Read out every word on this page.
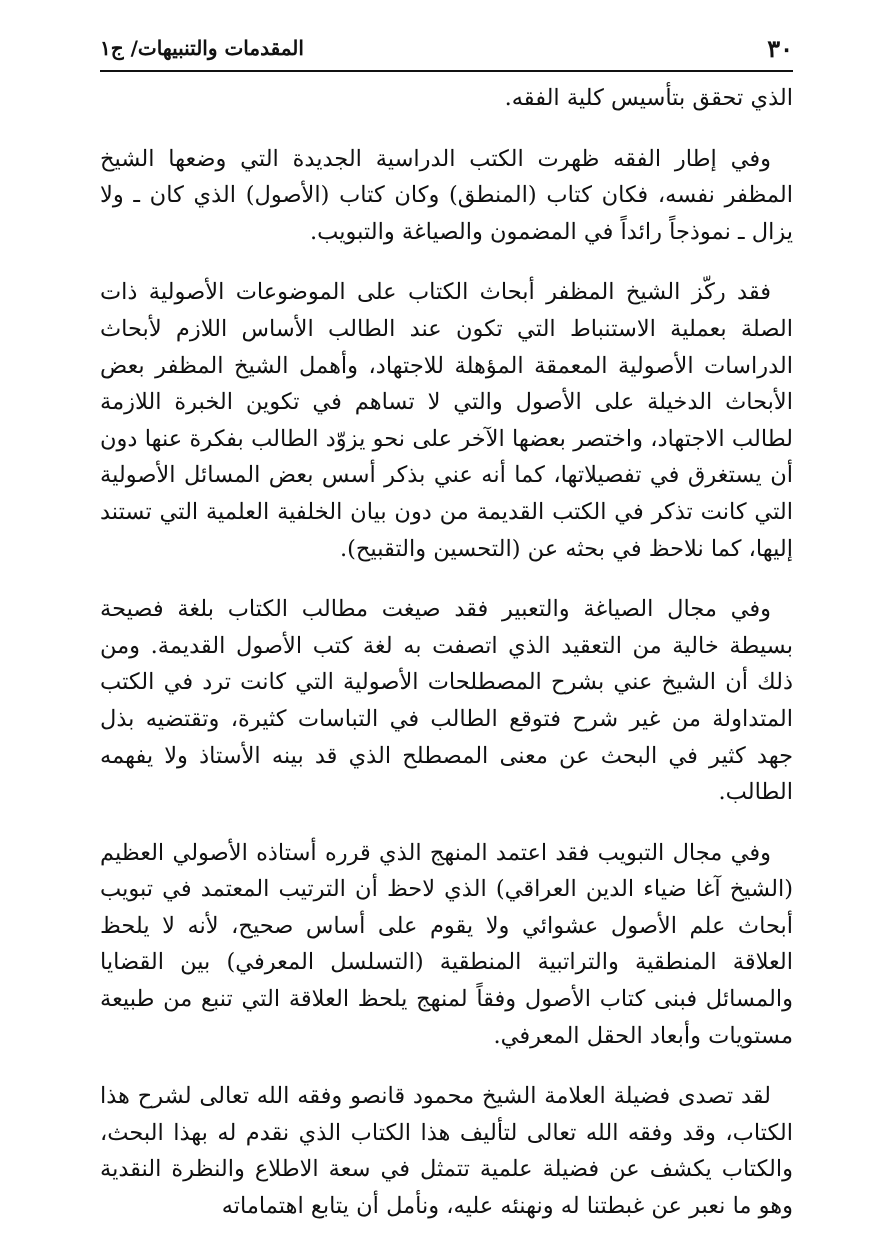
٣٠
المقدمات والتنبيهات/ ج١

الذي تحقق بتأسيس كلية الفقه.

وفي إطار الفقه ظهرت الكتب الدراسية الجديدة التي وضعها الشيخ المظفر نفسه، فكان كتاب (المنطق) وكان كتاب (الأصول) الذي كان ـ ولا يزال ـ نموذجاً رائداً في المضمون والصياغة والتبويب.

فقد ركّز الشيخ المظفر أبحاث الكتاب على الموضوعات الأصولية ذات الصلة بعملية الاستنباط التي تكون عند الطالب الأساس اللازم لأبحاث الدراسات الأصولية المعمقة المؤهلة للاجتهاد، وأهمل الشيخ المظفر بعض الأبحاث الدخيلة على الأصول والتي لا تساهم في تكوين الخبرة اللازمة لطالب الاجتهاد، واختصر بعضها الآخر على نحو يزوّد الطالب بفكرة عنها دون أن يستغرق في تفصيلاتها، كما أنه عني بذكر أسس بعض المسائل الأصولية التي كانت تذكر في الكتب القديمة من دون بيان الخلفية العلمية التي تستند إليها، كما نلاحظ في بحثه عن (التحسين والتقبيح).

وفي مجال الصياغة والتعبير فقد صيغت مطالب الكتاب بلغة فصيحة بسيطة خالية من التعقيد الذي اتصفت به لغة كتب الأصول القديمة. ومن ذلك أن الشيخ عني بشرح المصطلحات الأصولية التي كانت ترد في الكتب المتداولة من غير شرح فتوقع الطالب في التباسات كثيرة، وتقتضيه بذل جهد كثير في البحث عن معنى المصطلح الذي قد بينه الأستاذ ولا يفهمه الطالب.

وفي مجال التبويب فقد اعتمد المنهج الذي قرره أستاذه الأصولي العظيم (الشيخ آغا ضياء الدين العراقي) الذي لاحظ أن الترتيب المعتمد في تبويب أبحاث علم الأصول عشوائي ولا يقوم على أساس صحيح، لأنه لا يلحظ العلاقة المنطقية والتراتبية المنطقية (التسلسل المعرفي) بين القضايا والمسائل فبنى كتاب الأصول وفقاً لمنهج يلحظ العلاقة التي تنبع من طبيعة مستويات وأبعاد الحقل المعرفي.

لقد تصدى فضيلة العلامة الشيخ محمود قانصو وفقه الله تعالى لشرح هذا الكتاب، وقد وفقه الله تعالى لتأليف هذا الكتاب الذي نقدم له بهذا البحث، والكتاب يكشف عن فضيلة علمية تتمثل في سعة الاطلاع والنظرة النقدية وهو ما نعبر عن غبطتنا له ونهنئه عليه، ونأمل أن يتابع اهتماماته
